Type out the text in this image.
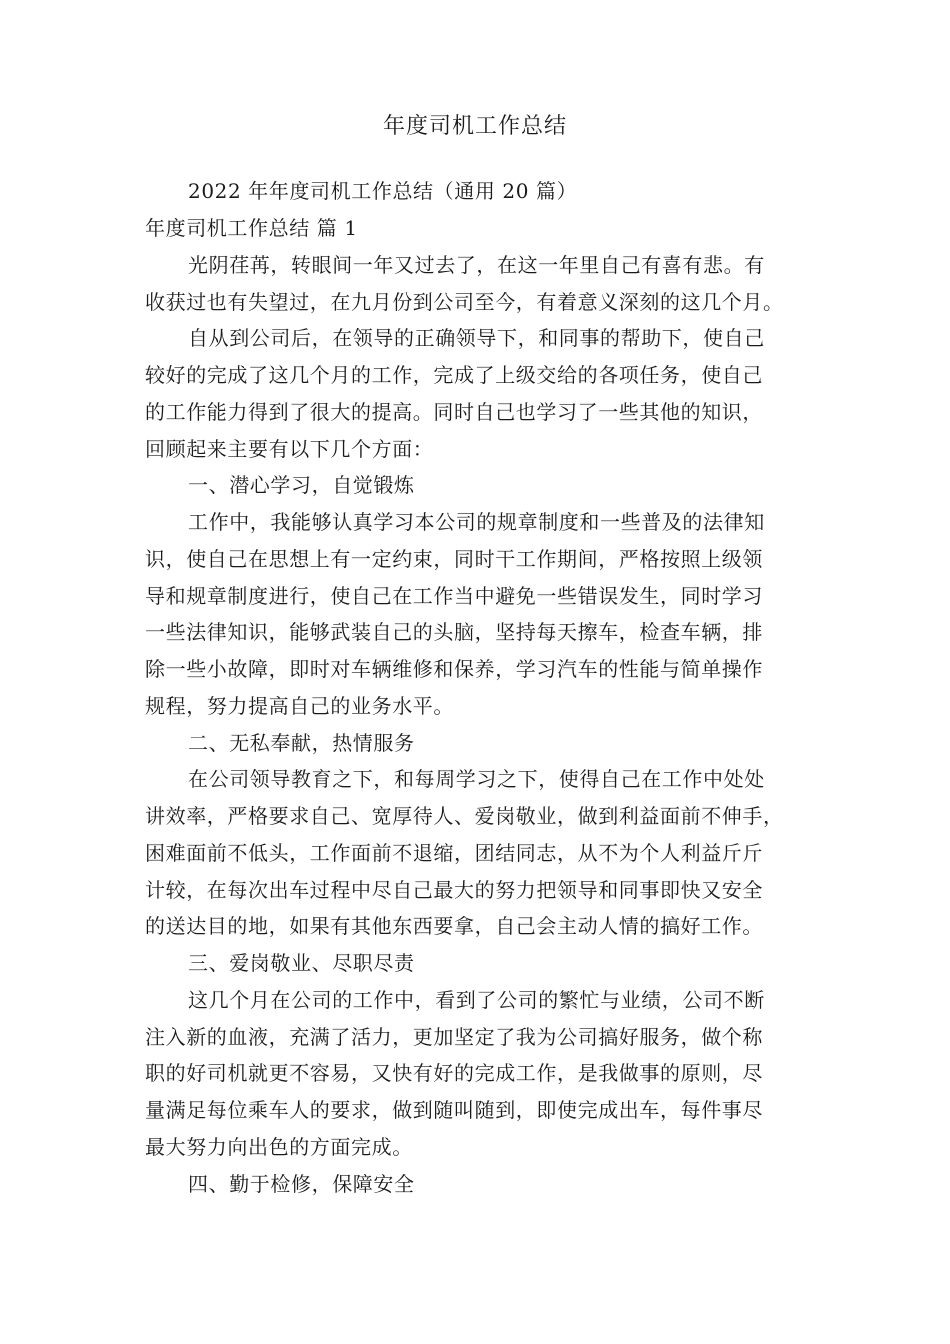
年度司机工作总结
2022 年年度司机工作总结（通用 20 篇）
年度司机工作总结 篇 1
光阴荏苒，转眼间一年又过去了，在这一年里自己有喜有悲。有
收获过也有失望过，在九月份到公司至今，有着意义深刻的这几个月。
自从到公司后，在领导的正确领导下，和同事的帮助下，使自己
较好的完成了这几个月的工作，完成了上级交给的各项任务，使自己
的工作能力得到了很大的提高。同时自己也学习了一些其他的知识，
回顾起来主要有以下几个方面：
一、潜心学习，自觉锻炼
工作中，我能够认真学习本公司的规章制度和一些普及的法律知
识，使自己在思想上有一定约束，同时干工作期间，严格按照上级领
导和规章制度进行，使自己在工作当中避免一些错误发生，同时学习
一些法律知识，能够武装自己的头脑，坚持每天擦车，检查车辆，排
除一些小故障，即时对车辆维修和保养，学习汽车的性能与简单操作
规程，努力提高自己的业务水平。
二、无私奉献，热情服务
在公司领导教育之下，和每周学习之下，使得自己在工作中处处
讲效率，严格要求自己、宽厚待人、爱岗敬业，做到利益面前不伸手，
困难面前不低头，工作面前不退缩，团结同志，从不为个人利益斤斤
计较，在每次出车过程中尽自己最大的努力把领导和同事即快又安全
的送达目的地，如果有其他东西要拿，自己会主动人情的搞好工作。
三、爱岗敬业、尽职尽责
这几个月在公司的工作中，看到了公司的繁忙与业绩，公司不断
注入新的血液，充满了活力，更加坚定了我为公司搞好服务，做个称
职的好司机就更不容易，又快有好的完成工作，是我做事的原则，尽
量满足每位乘车人的要求，做到随叫随到，即使完成出车，每件事尽
最大努力向出色的方面完成。
四、勤于检修，保障安全
